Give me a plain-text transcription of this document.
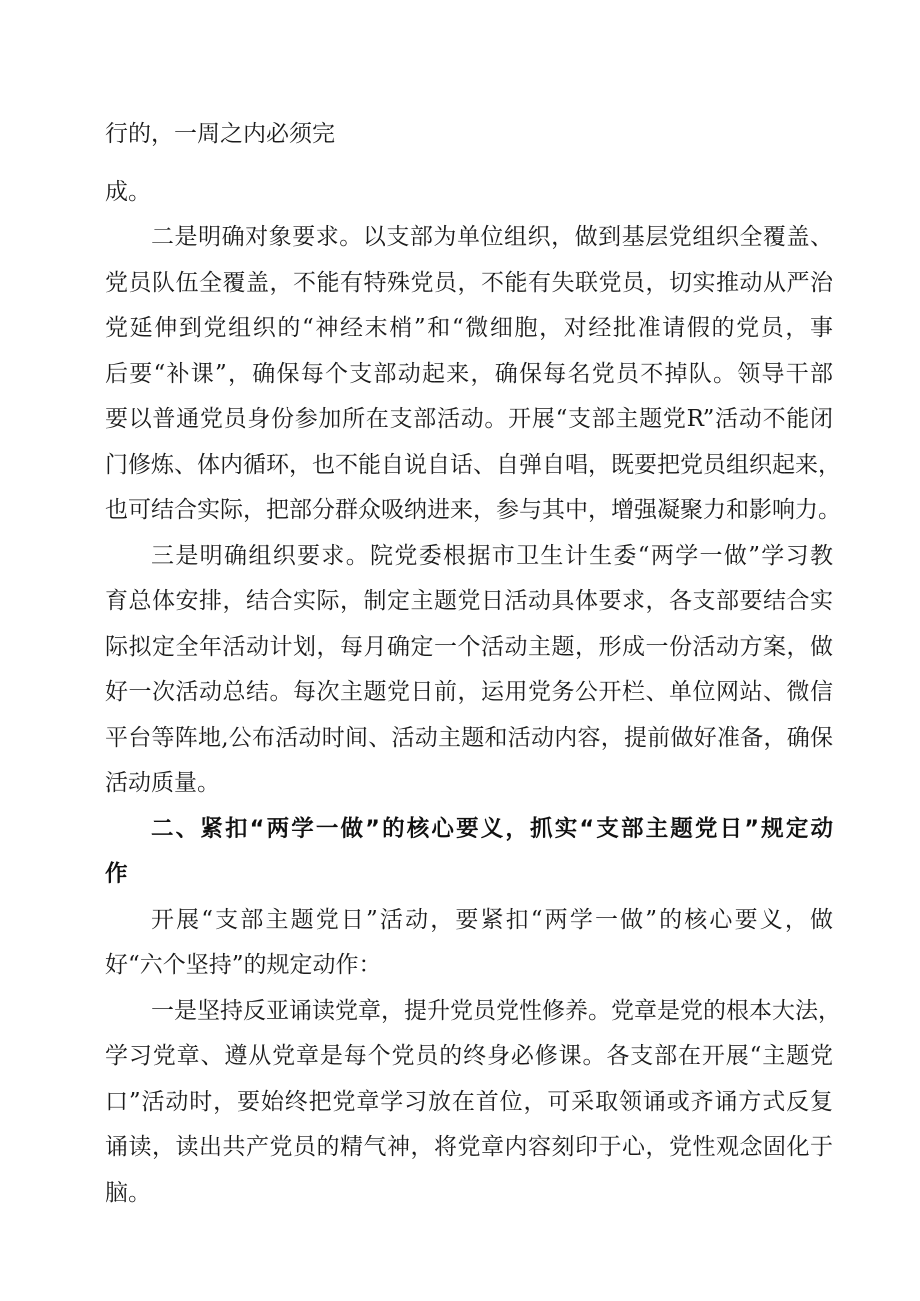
行的，一周之内必须完
成。
二是明确对象要求。以支部为单位组织，做到基层党组织全覆盖、
党员队伍全覆盖，不能有特殊党员，不能有失联党员，切实推动从严治
党延伸到党组织的“神经末梢”和“微细胞，对经批准请假的党员，事
后要“补课”，确保每个支部动起来，确保每名党员不掉队。领导干部
要以普通党员身份参加所在支部活动。开展“支部主题党R”活动不能闭
门修炼、体内循环，也不能自说自话、自弹自唱，既要把党员组织起来，
也可结合实际，把部分群众吸纳进来，参与其中，增强凝聚力和影响力。
三是明确组织要求。院党委根据市卫生计生委“两学一做”学习教
育总体安排，结合实际，制定主题党日活动具体要求，各支部要结合实
际拟定全年活动计划，每月确定一个活动主题，形成一份活动方案，做
好一次活动总结。每次主题党日前，运用党务公开栏、单位网站、微信
平台等阵地,公布活动时间、活动主题和活动内容，提前做好准备，确保
活动质量。
二、紧扣“两学一做”的核心要义，抓实“支部主题党日”规定动
作
开展“支部主题党日”活动，要紧扣“两学一做”的核心要义，做
好“六个坚持”的规定动作：
一是坚持反亚诵读党章，提升党员党性修养。党章是党的根本大法，
学习党章、遵从党章是每个党员的终身必修课。各支部在开展“主题党
口”活动时，要始终把党章学习放在首位，可采取领诵或齐诵方式反复
诵读，读出共产党员的精气神，将党章内容刻印于心，党性观念固化于
脑。
